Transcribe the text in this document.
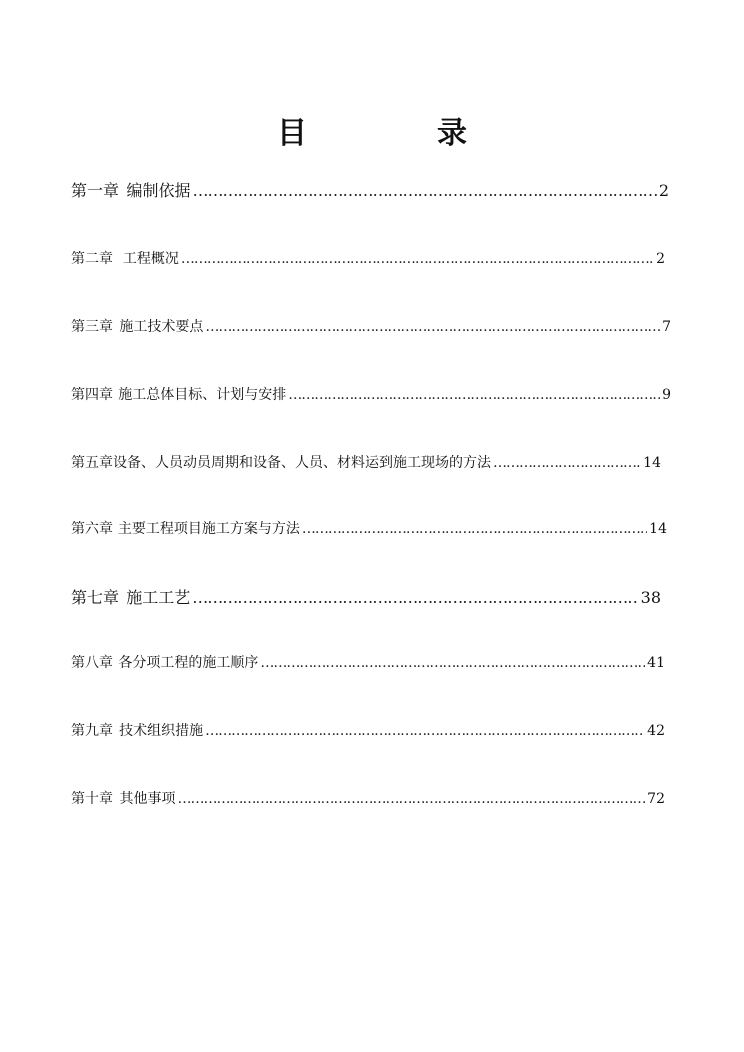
目	录
第一章 编制依据 ………………………………………………………………………………………………………………………………………………………………………………	2
第二章 工程概况 ………………………………………………………………………………………………………………………………………………………………………………	2
第三章 施工技术要点 ………………………………………………………………………………………………………………………………………………………………………………	7
第四章 施工总体目标、计划与安排 ………………………………………………………………………………………………………………………………………………………………………………	9
第五章 设备、人员动员周期和设备、人员、材料运到施工现场的方法 ………………………………………………………………………………………………………………………………………………………………………………	14
第六章 主要工程项目施工方案与方法 ………………………………………………………………………………………………………………………………………………………………………………	14
第七章 施工工艺 ………………………………………………………………………………………………………………………………………………………………………………	38
第八章 各分项工程的施工顺序 ………………………………………………………………………………………………………………………………………………………………………………	41
第九章 技术组织措施 ………………………………………………………………………………………………………………………………………………………………………………	42
第十章 其他事项 ………………………………………………………………………………………………………………………………………………………………………………	72
